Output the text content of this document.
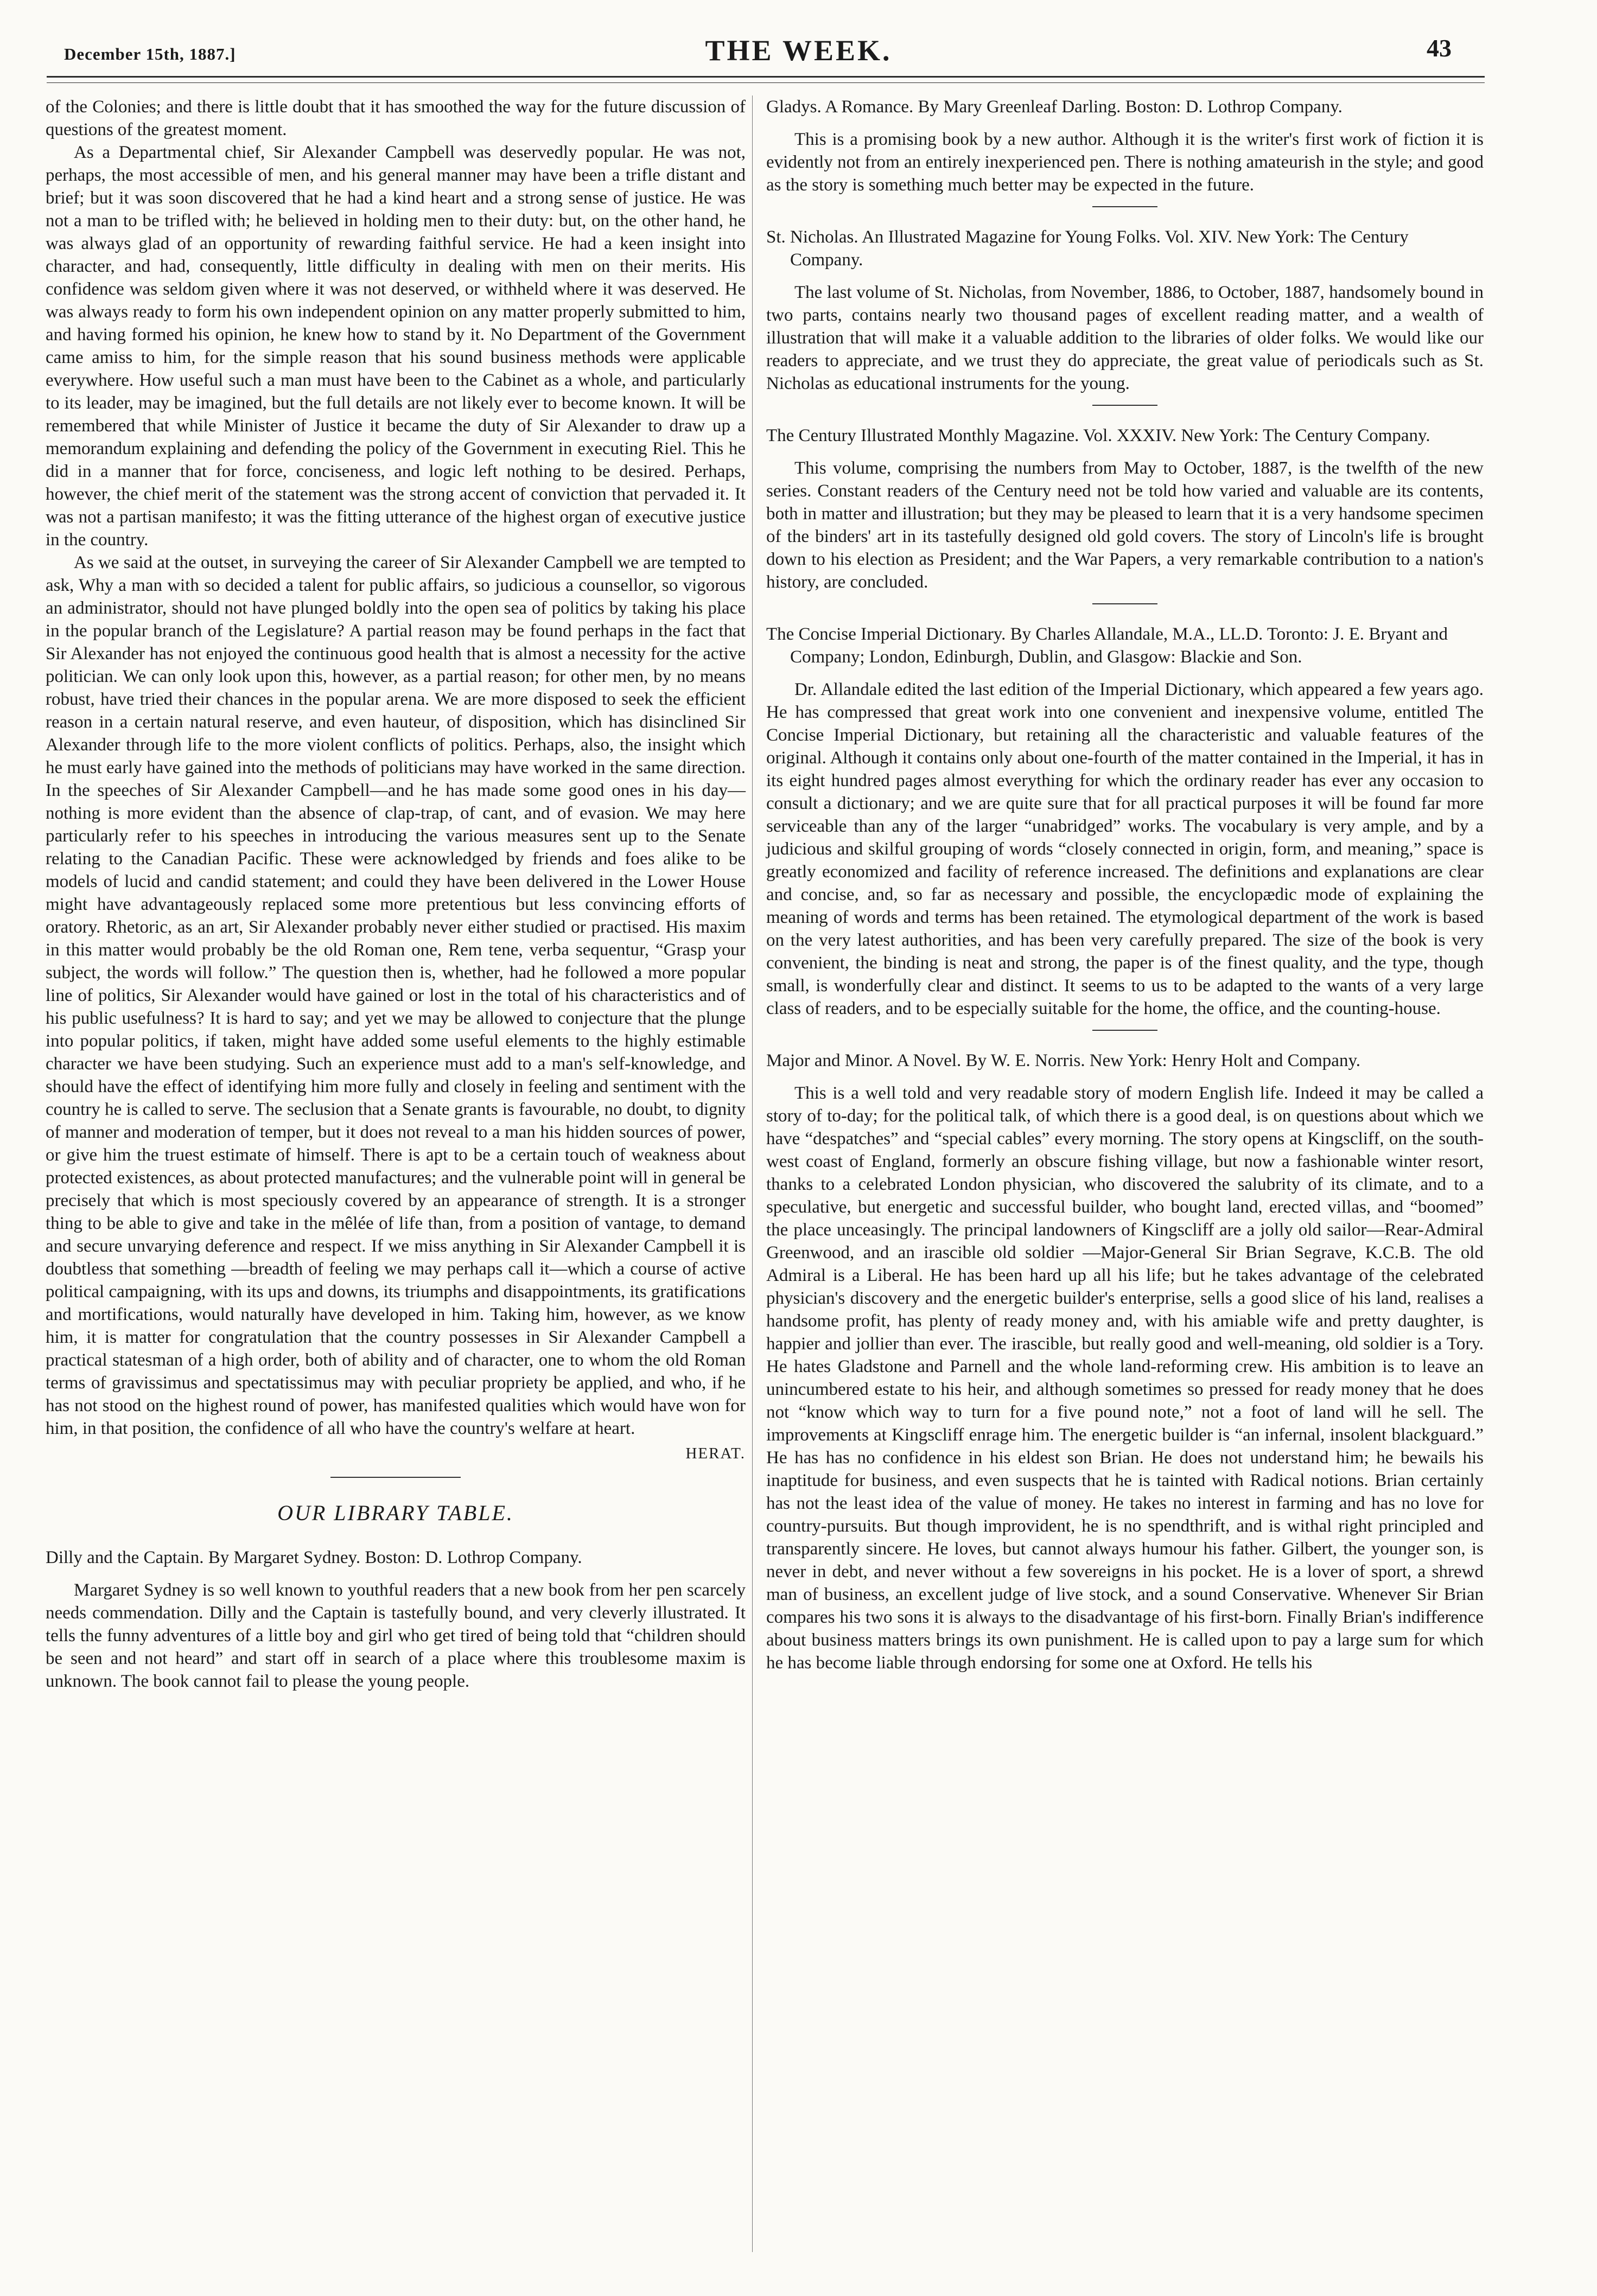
December 15th, 1887.]	THE WEEK.	43

of the Colonies; and there is little doubt that it has smoothed the way for the future discussion of questions of the greatest moment.

As a Departmental chief, Sir Alexander Campbell was deservedly popular. He was not, perhaps, the most accessible of men, and his general manner may have been a trifle distant and brief; but it was soon discovered that he had a kind heart and a strong sense of justice. He was not a man to be trifled with; he believed in holding men to their duty: but, on the other hand, he was always glad of an opportunity of rewarding faithful service. He had a keen insight into character, and had, consequently, little difficulty in dealing with men on their merits. His confidence was seldom given where it was not deserved, or withheld where it was deserved. He was always ready to form his own independent opinion on any matter properly submitted to him, and having formed his opinion, he knew how to stand by it. No Department of the Government came amiss to him, for the simple reason that his sound business methods were applicable everywhere. How useful such a man must have been to the Cabinet as a whole, and particularly to its leader, may be imagined, but the full details are not likely ever to become known. It will be remembered that while Minister of Justice it became the duty of Sir Alexander to draw up a memorandum explaining and defending the policy of the Government in executing Riel. This he did in a manner that for force, conciseness, and logic left nothing to be desired. Perhaps, however, the chief merit of the statement was the strong accent of conviction that pervaded it. It was not a partisan manifesto; it was the fitting utterance of the highest organ of executive justice in the country.

As we said at the outset, in surveying the career of Sir Alexander Campbell we are tempted to ask, Why a man with so decided a talent for public affairs, so judicious a counsellor, so vigorous an administrator, should not have plunged boldly into the open sea of politics by taking his place in the popular branch of the Legislature? A partial reason may be found perhaps in the fact that Sir Alexander has not enjoyed the continuous good health that is almost a necessity for the active politician. We can only look upon this, however, as a partial reason; for other men, by no means robust, have tried their chances in the popular arena. We are more disposed to seek the efficient reason in a certain natural reserve, and even hauteur, of disposition, which has disinclined Sir Alexander through life to the more violent conflicts of politics. Perhaps, also, the insight which he must early have gained into the methods of politicians may have worked in the same direction. In the speeches of Sir Alexander Campbell—and he has made some good ones in his day—nothing is more evident than the absence of clap-trap, of cant, and of evasion. We may here particularly refer to his speeches in introducing the various measures sent up to the Senate relating to the Canadian Pacific. These were acknowledged by friends and foes alike to be models of lucid and candid statement; and could they have been delivered in the Lower House might have advantageously replaced some more pretentious but less convincing efforts of oratory. Rhetoric, as an art, Sir Alexander probably never either studied or practised. His maxim in this matter would probably be the old Roman one, Rem tene, verba sequentur, “Grasp your subject, the words will follow.” The question then is, whether, had he followed a more popular line of politics, Sir Alexander would have gained or lost in the total of his characteristics and of his public usefulness? It is hard to say; and yet we may be allowed to conjecture that the plunge into popular politics, if taken, might have added some useful elements to the highly estimable character we have been studying. Such an experience must add to a man's self-knowledge, and should have the effect of identifying him more fully and closely in feeling and sentiment with the country he is called to serve. The seclusion that a Senate grants is favourable, no doubt, to dignity of manner and moderation of temper, but it does not reveal to a man his hidden sources of power, or give him the truest estimate of himself. There is apt to be a certain touch of weakness about protected existences, as about protected manufactures; and the vulnerable point will in general be precisely that which is most speciously covered by an appearance of strength. It is a stronger thing to be able to give and take in the mêlée of life than, from a position of vantage, to demand and secure unvarying deference and respect. If we miss anything in Sir Alexander Campbell it is doubtless that something —breadth of feeling we may perhaps call it—which a course of active political campaigning, with its ups and downs, its triumphs and disappointments, its gratifications and mortifications, would naturally have developed in him. Taking him, however, as we know him, it is matter for congratulation that the country possesses in Sir Alexander Campbell a practical statesman of a high order, both of ability and of character, one to whom the old Roman terms of gravissimus and spectatissimus may with peculiar propriety be applied, and who, if he has not stood on the highest round of power, has manifested qualities which would have won for him, in that position, the confidence of all who have the country's welfare at heart.

HERAT.
OUR LIBRARY TABLE.

Dilly and the Captain. By Margaret Sydney. Boston: D. Lothrop Company.

Margaret Sydney is so well known to youthful readers that a new book from her pen scarcely needs commendation. Dilly and the Captain is tastefully bound, and very cleverly illustrated. It tells the funny adventures of a little boy and girl who get tired of being told that “children should be seen and not heard” and start off in search of a place where this troublesome maxim is unknown. The book cannot fail to please the young people.

Gladys. A Romance. By Mary Greenleaf Darling. Boston: D. Lothrop Company.

This is a promising book by a new author. Although it is the writer's first work of fiction it is evidently not from an entirely inexperienced pen. There is nothing amateurish in the style; and good as the story is something much better may be expected in the future.

St. Nicholas. An Illustrated Magazine for Young Folks. Vol. XIV. New York: The Century Company.

The last volume of St. Nicholas, from November, 1886, to October, 1887, handsomely bound in two parts, contains nearly two thousand pages of excellent reading matter, and a wealth of illustration that will make it a valuable addition to the libraries of older folks. We would like our readers to appreciate, and we trust they do appreciate, the great value of periodicals such as St. Nicholas as educational instruments for the young.

The Century Illustrated Monthly Magazine. Vol. XXXIV. New York: The Century Company.

This volume, comprising the numbers from May to October, 1887, is the twelfth of the new series. Constant readers of the Century need not be told how varied and valuable are its contents, both in matter and illustration; but they may be pleased to learn that it is a very handsome specimen of the binders' art in its tastefully designed old gold covers. The story of Lincoln's life is brought down to his election as President; and the War Papers, a very remarkable contribution to a nation's history, are concluded.

The Concise Imperial Dictionary. By Charles Allandale, M.A., LL.D. Toronto: J. E. Bryant and Company; London, Edinburgh, Dublin, and Glasgow: Blackie and Son.

Dr. Allandale edited the last edition of the Imperial Dictionary, which appeared a few years ago. He has compressed that great work into one convenient and inexpensive volume, entitled The Concise Imperial Dictionary, but retaining all the characteristic and valuable features of the original. Although it contains only about one-fourth of the matter contained in the Imperial, it has in its eight hundred pages almost everything for which the ordinary reader has ever any occasion to consult a dictionary; and we are quite sure that for all practical purposes it will be found far more serviceable than any of the larger “unabridged” works. The vocabulary is very ample, and by a judicious and skilful grouping of words “closely connected in origin, form, and meaning,” space is greatly economized and facility of reference increased. The definitions and explanations are clear and concise, and, so far as necessary and possible, the encyclopædic mode of explaining the meaning of words and terms has been retained. The etymological department of the work is based on the very latest authorities, and has been very carefully prepared. The size of the book is very convenient, the binding is neat and strong, the paper is of the finest quality, and the type, though small, is wonderfully clear and distinct. It seems to us to be adapted to the wants of a very large class of readers, and to be especially suitable for the home, the office, and the counting-house.

Major and Minor. A Novel. By W. E. Norris. New York: Henry Holt and Company.

This is a well told and very readable story of modern English life. Indeed it may be called a story of to-day; for the political talk, of which there is a good deal, is on questions about which we have “despatches” and “special cables” every morning. The story opens at Kingscliff, on the south-west coast of England, formerly an obscure fishing village, but now a fashionable winter resort, thanks to a celebrated London physician, who discovered the salubrity of its climate, and to a speculative, but energetic and successful builder, who bought land, erected villas, and “boomed” the place unceasingly. The principal landowners of Kingscliff are a jolly old sailor—Rear-Admiral Greenwood, and an irascible old soldier —Major-General Sir Brian Segrave, K.C.B. The old Admiral is a Liberal. He has been hard up all his life; but he takes advantage of the celebrated physician's discovery and the energetic builder's enterprise, sells a good slice of his land, realises a handsome profit, has plenty of ready money and, with his amiable wife and pretty daughter, is happier and jollier than ever. The irascible, but really good and well-meaning, old soldier is a Tory. He hates Gladstone and Parnell and the whole land-reforming crew. His ambition is to leave an unincumbered estate to his heir, and although sometimes so pressed for ready money that he does not “know which way to turn for a five pound note,” not a foot of land will he sell. The improvements at Kingscliff enrage him. The energetic builder is “an infernal, insolent blackguard.” He has has no confidence in his eldest son Brian. He does not understand him; he bewails his inaptitude for business, and even suspects that he is tainted with Radical notions. Brian certainly has not the least idea of the value of money. He takes no interest in farming and has no love for country-pursuits. But though improvident, he is no spendthrift, and is withal right principled and transparently sincere. He loves, but cannot always humour his father. Gilbert, the younger son, is never in debt, and never without a few sovereigns in his pocket. He is a lover of sport, a shrewd man of business, an excellent judge of live stock, and a sound Conservative. Whenever Sir Brian compares his two sons it is always to the disadvantage of his first-born. Finally Brian's indifference about business matters brings its own punishment. He is called upon to pay a large sum for which he has become liable through endorsing for some one at Oxford. He tells his
